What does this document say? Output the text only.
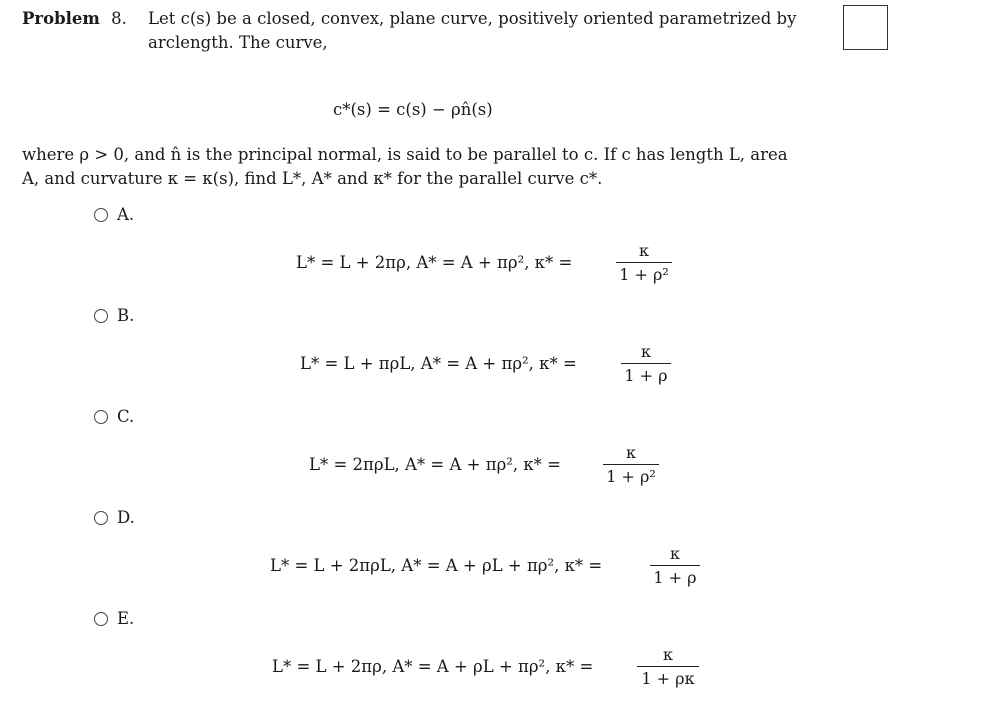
Problem 8. Let c(s) be a closed, convex, plane curve, positively oriented parametrized by
arclength. The curve,
c*(s) = c(s) − ρn̂(s)
where ρ > 0, and n̂ is the principal normal, is said to be parallel to c. If c has length L, area
A, and curvature κ = κ(s), find L*, A* and κ* for the parallel curve c*.
A.
L* = L + 2πρ, A* = A + πρ², κ* =
κ
1 + ρ²
B.
L* = L + πρL, A* = A + πρ², κ* =
κ
1 + ρ
C.
L* = 2πρL, A* = A + πρ², κ* =
κ
1 + ρ²
D.
L* = L + 2πρL, A* = A + ρL + πρ², κ* =
κ
1 + ρ
E.
L* = L + 2πρ, A* = A + ρL + πρ², κ* =
κ
1 + ρκ
